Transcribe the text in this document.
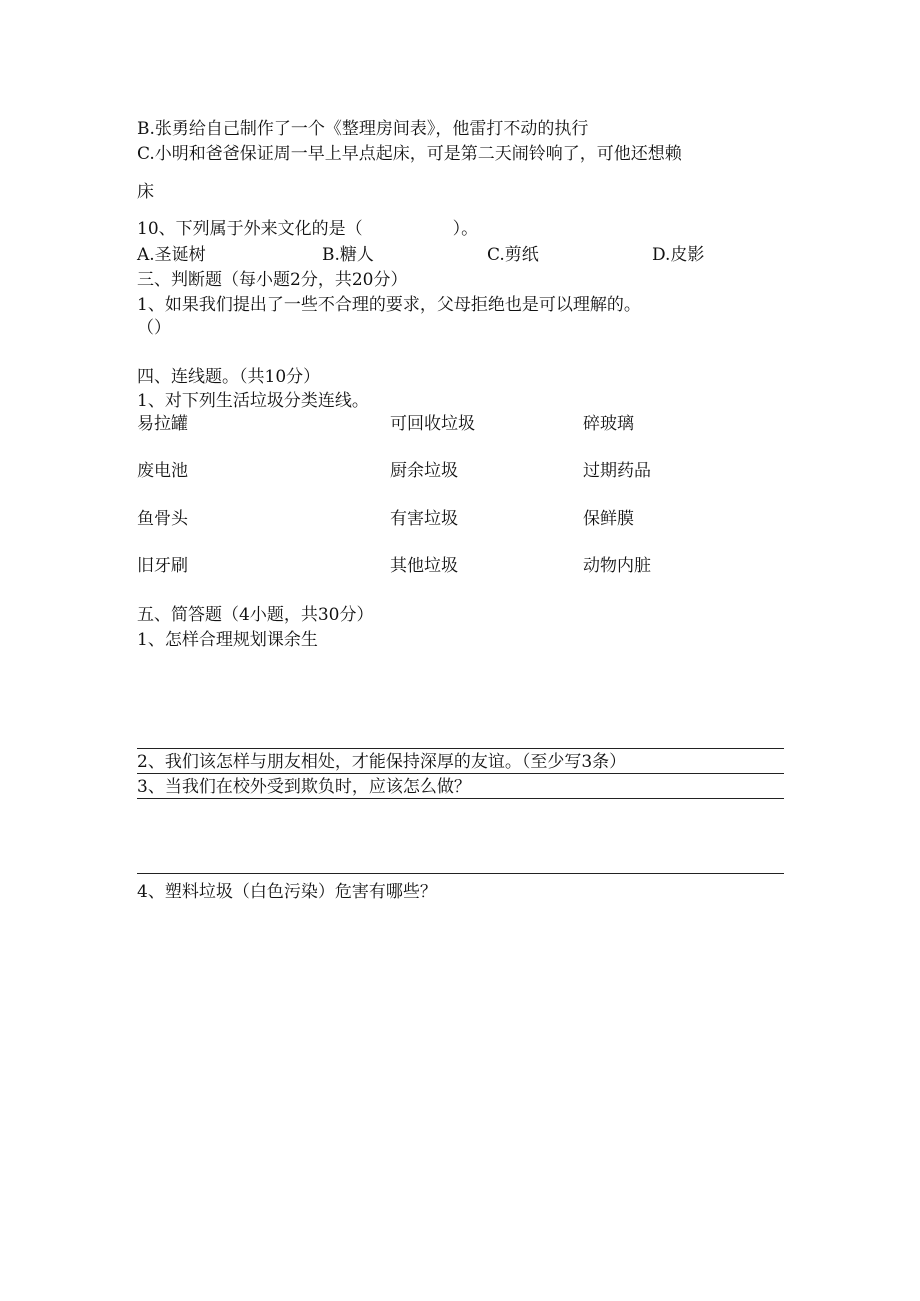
B.张勇给自己制作了一个《整理房间表》，他雷打不动的执行
C.小明和爸爸保证周一早上早点起床，可是第二天闹铃响了，可他还想赖
床
10、下列属于外来文化的是（	）。
A.圣诞树	B.糖人	C.剪纸	D.皮影
三、判断题（每小题2分，共20分）
1、如果我们提出了一些不合理的要求，父母拒绝也是可以理解的。
（）
四、连线题。（共10分）
1、对下列生活垃圾分类连线。
易拉罐	可回收垃圾	碎玻璃
废电池	厨余垃圾	过期药品
鱼骨头	有害垃圾	保鲜膜
旧牙刷	其他垃圾	动物内脏
五、简答题（4小题，共30分）
1、怎样合理规划课余生
2、我们该怎样与朋友相处，才能保持深厚的友谊。（至少写3条）
3、当我们在校外受到欺负时，应该怎么做？
4、塑料垃圾（白色污染）危害有哪些？
